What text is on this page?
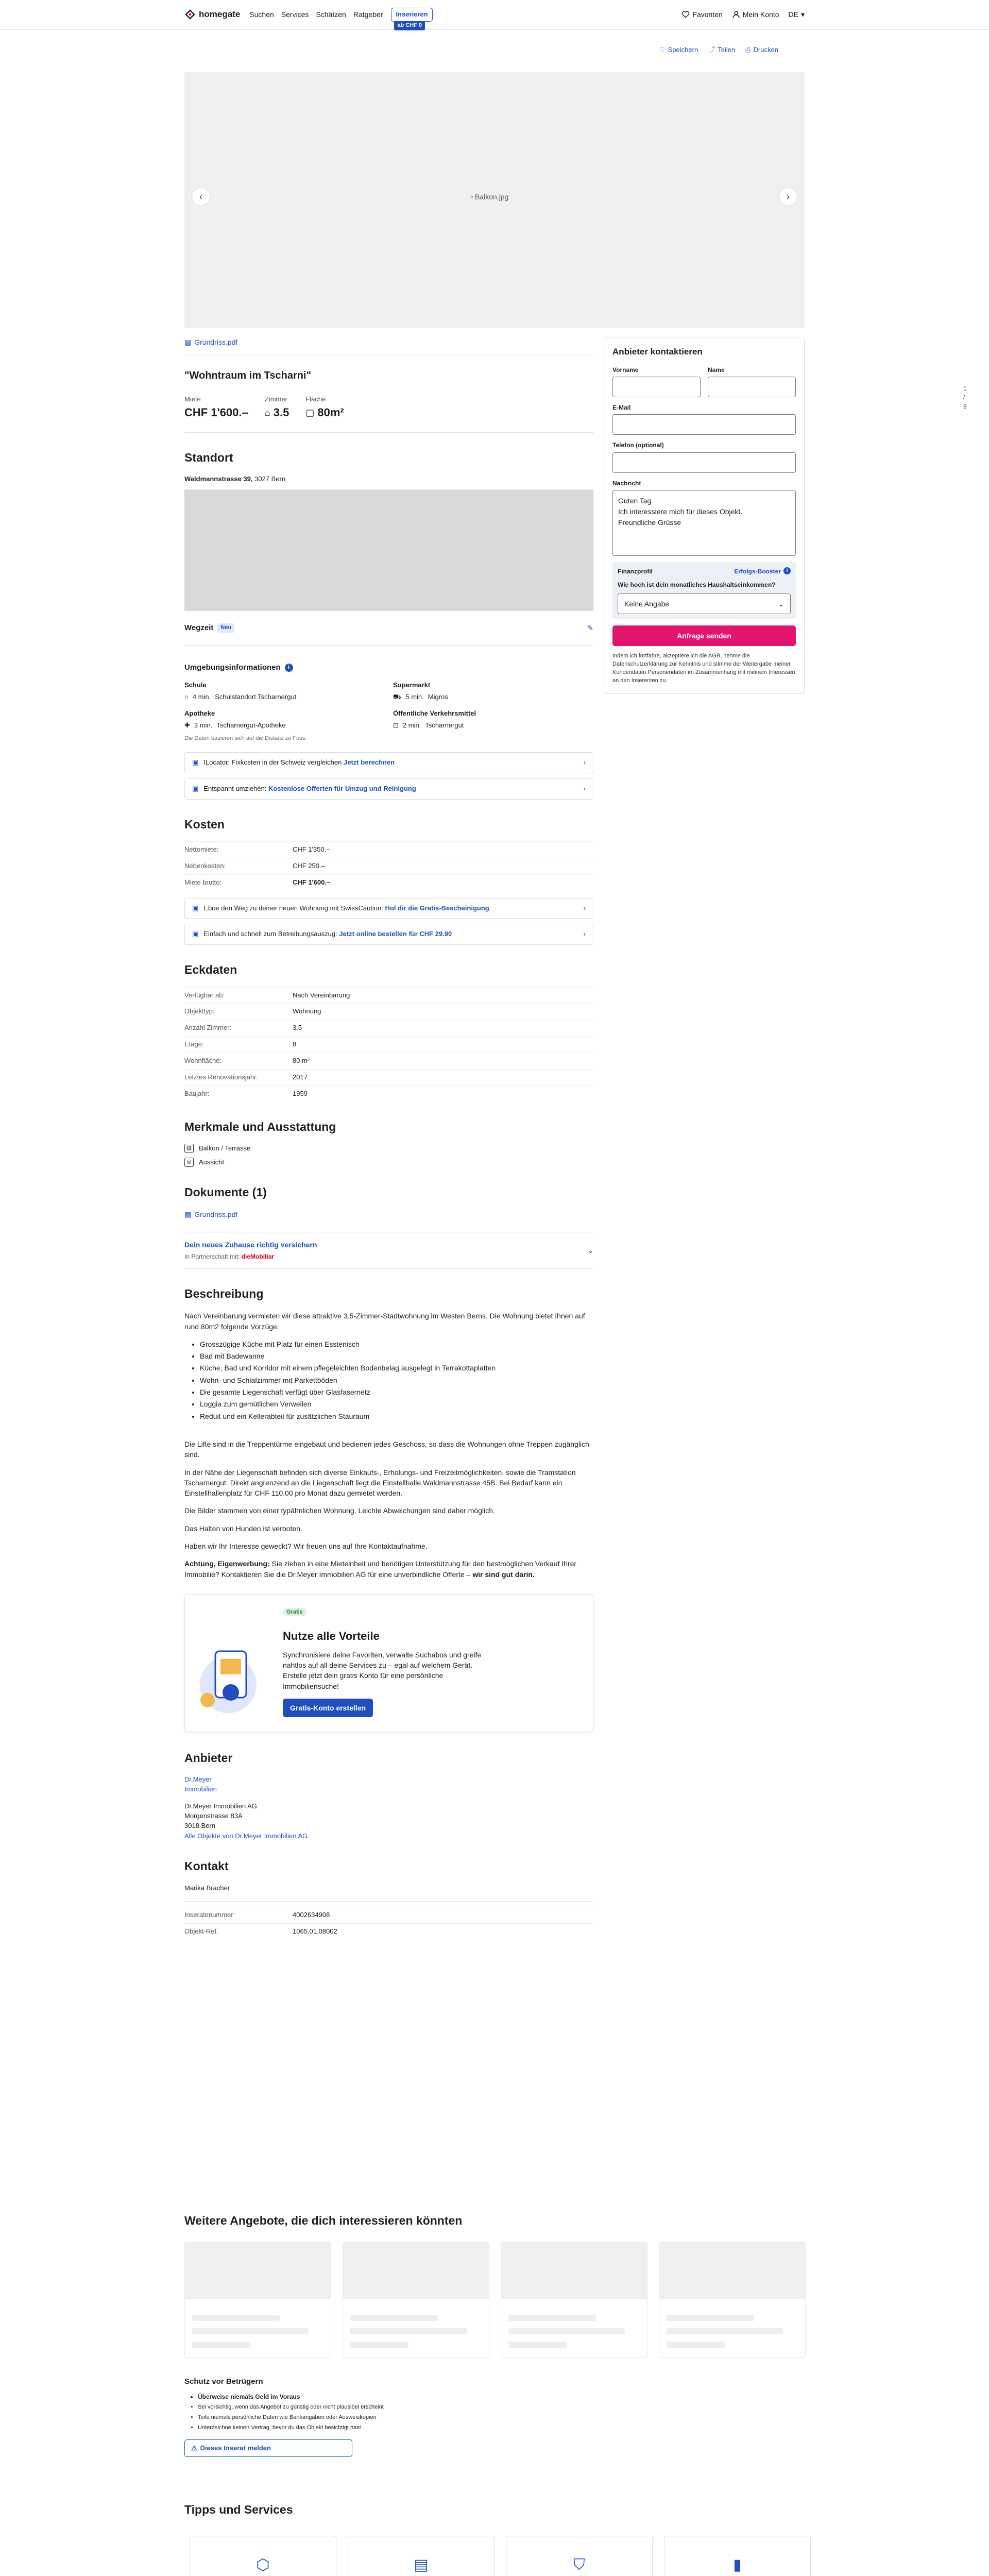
homegate Suchen Services Schätzen Ratgeber	Inserieren
ab CHF 0
Favoriten	Mein Konto DE ▾
♡ Speichern ⤴ Teilen ⎙ Drucken
▫ Balkon.jpg
‹	›
1 / 9
▤ Grundriss.pdf
"Wohntraum im Tscharni"
Miete
CHF 1'600.–
Zimmer
⌂ 3.5
Fläche
▢ 80m²
Standort
Waldmannstrasse 39, 3027 Bern
Wegzeit	Neu	✎
Umgebungsinformationen	i
Schule
⌂ 4 min. Schulstandort Tscharnergut
Supermarkt
⛟ 5 min. Migros
Apotheke
✚ 3 min. Tscharnergut-Apotheke
Öffentliche Verkehrsmittel
⊡ 2 min. Tscharnergut
Die Daten basieren sich auf die Distanz zu Fuss.
▣ ILocator: Fixkosten in der Schweiz vergleichen Jetzt berechnen	›
▣ Entspannt umziehen: Kostenlose Offerten für Umzug und Reinigung	›
Kosten
Nettomiete:	CHF 1'350.–
Nebenkosten:	CHF 250.–
Miete brutto:	CHF 1'600.–
▣ Ebne den Weg zu deiner neuen Wohnung mit SwissCaution: Hol dir die Gratis-Bescheinigung	›
▣ Einfach und schnell zum Betreibungsauszug: Jetzt online bestellen für CHF 29.90	›
Eckdaten
Verfügbar ab:	Nach Vereinbarung
Objekttyp:	Wohnung
Anzahl Zimmer:	3.5
Etage:	8
Wohnfläche:	80 m²
Letztes Renovationsjahr:	2017
Baujahr:	1959
Merkmale und Ausstattung
▥ Balkon / Terrasse
◎	Aussicht
Dokumente (1)
▤ Grundriss.pdf
Dein neues Zuhause richtig versichern
In Partnerschaft mit: dieMobiliar
⌄
Beschreibung

Nach Vereinbarung vermieten wir diese attraktive 3.5-Zimmer-Stadtwohnung im Westen Berns. Die Wohnung bietet Ihnen auf rund 80m2 folgende Vorzüge:

• Grosszügige Küche mit Platz für einen Esstenisch
• Bad mit Badewanne
• Küche, Bad und Korridor mit einem pflegeleichten Bodenbelag ausgelegt in Terrakottaplatten
• Wohn- und Schlafzimmer mit Parkettböden
• Die gesamte Liegenschaft verfügt über Glasfasernetz
• Loggia zum gemütlichen Verweilen
• Reduit und ein Kellerabteil für zusätzlichen Stauraum

Die Lifte sind in die Treppentürme eingebaut und bedienen jedes Geschoss, so dass die Wohnungen ohne Treppen zugänglich sind.

In der Nähe der Liegenschaft befinden sich diverse Einkaufs-, Erholungs- und Freizeitmöglichkeiten, sowie die Tramstation Tscharnergut. Direkt angrenzend an die Liegenschaft liegt die Einstellhalle Waldmannstrasse 45B. Bei Bedarf kann ein Einstellhallenplatz für CHF 110.00 pro Monat dazu gemietet werden.

Die Bilder stammen von einer typähnlichen Wohnung. Leichte Abweichungen sind daher möglich.

Das Halten von Hunden ist verboten.

Haben wir Ihr Interesse geweckt? Wir freuen uns auf Ihre Kontaktaufnahme.

Achtung, Eigenwerbung: Sie ziehen in eine Mieteinheit und benötigen Unterstützung für den bestmöglichen Verkauf Ihrer Immobilie? Kontaktieren Sie die Dr.Meyer Immobilien AG für eine unverbindliche Offerte – wir sind gut darin.

Gratis
Nutze alle Vorteile
Synchronisiere deine Favoriten, verwalte Suchabos und greife nahtlos auf all deine Services zu – egal auf welchem Gerät. Erstelle jetzt dein gratis Konto für eine persönliche Immobiliensuche!
Gratis-Konto erstellen
Anbieter
Dr.Meyer Immobilien
Dr.Meyer Immobilien AG
Morgenstrasse 83A
3018 Bern
Alle Objekte von Dr.Meyer Immobilien AG
Kontakt
Marika Bracher
Inseratenummer	4002634908
Objekt-Ref.	1065.01.08002
Anbieter kontaktieren
Vorname	Name
E-Mail
Telefon (optional)
Nachricht
Guten Tag
Ich interessiere mich für dieses Objekt.
Freundliche Grüsse
Finanzprofil	Erfolgs-Booster	i
Wie hoch ist dein monatliches Haushaltseinkommen?
Keine Angabe	⌄
Anfrage senden
Indem ich fortfahre, akzeptiere ich die AGB, nehme die Datenschutzerklärung zur Kenntnis und stimme der Weitergabe meiner Kundendaten Personendaten im Zusammenhang mit meinem Interessen an den Inserenten zu.
Weitere Angebote, die dich interessieren könnten
Schutz vor Betrügern
• Überweise niemals Geld im Voraus
• Sei vorsichtig, wenn das Angebot zu günstig oder nicht plausibel erscheint
• Teile niemals persönliche Daten wie Bankangaben oder Ausweiskopien
• Unterzeichne keinen Vertrag, bevor du das Objekt besichtigt hast
⚠ Dieses Inserat melden
Tipps und Services
⬡	▤	⛉	▮
